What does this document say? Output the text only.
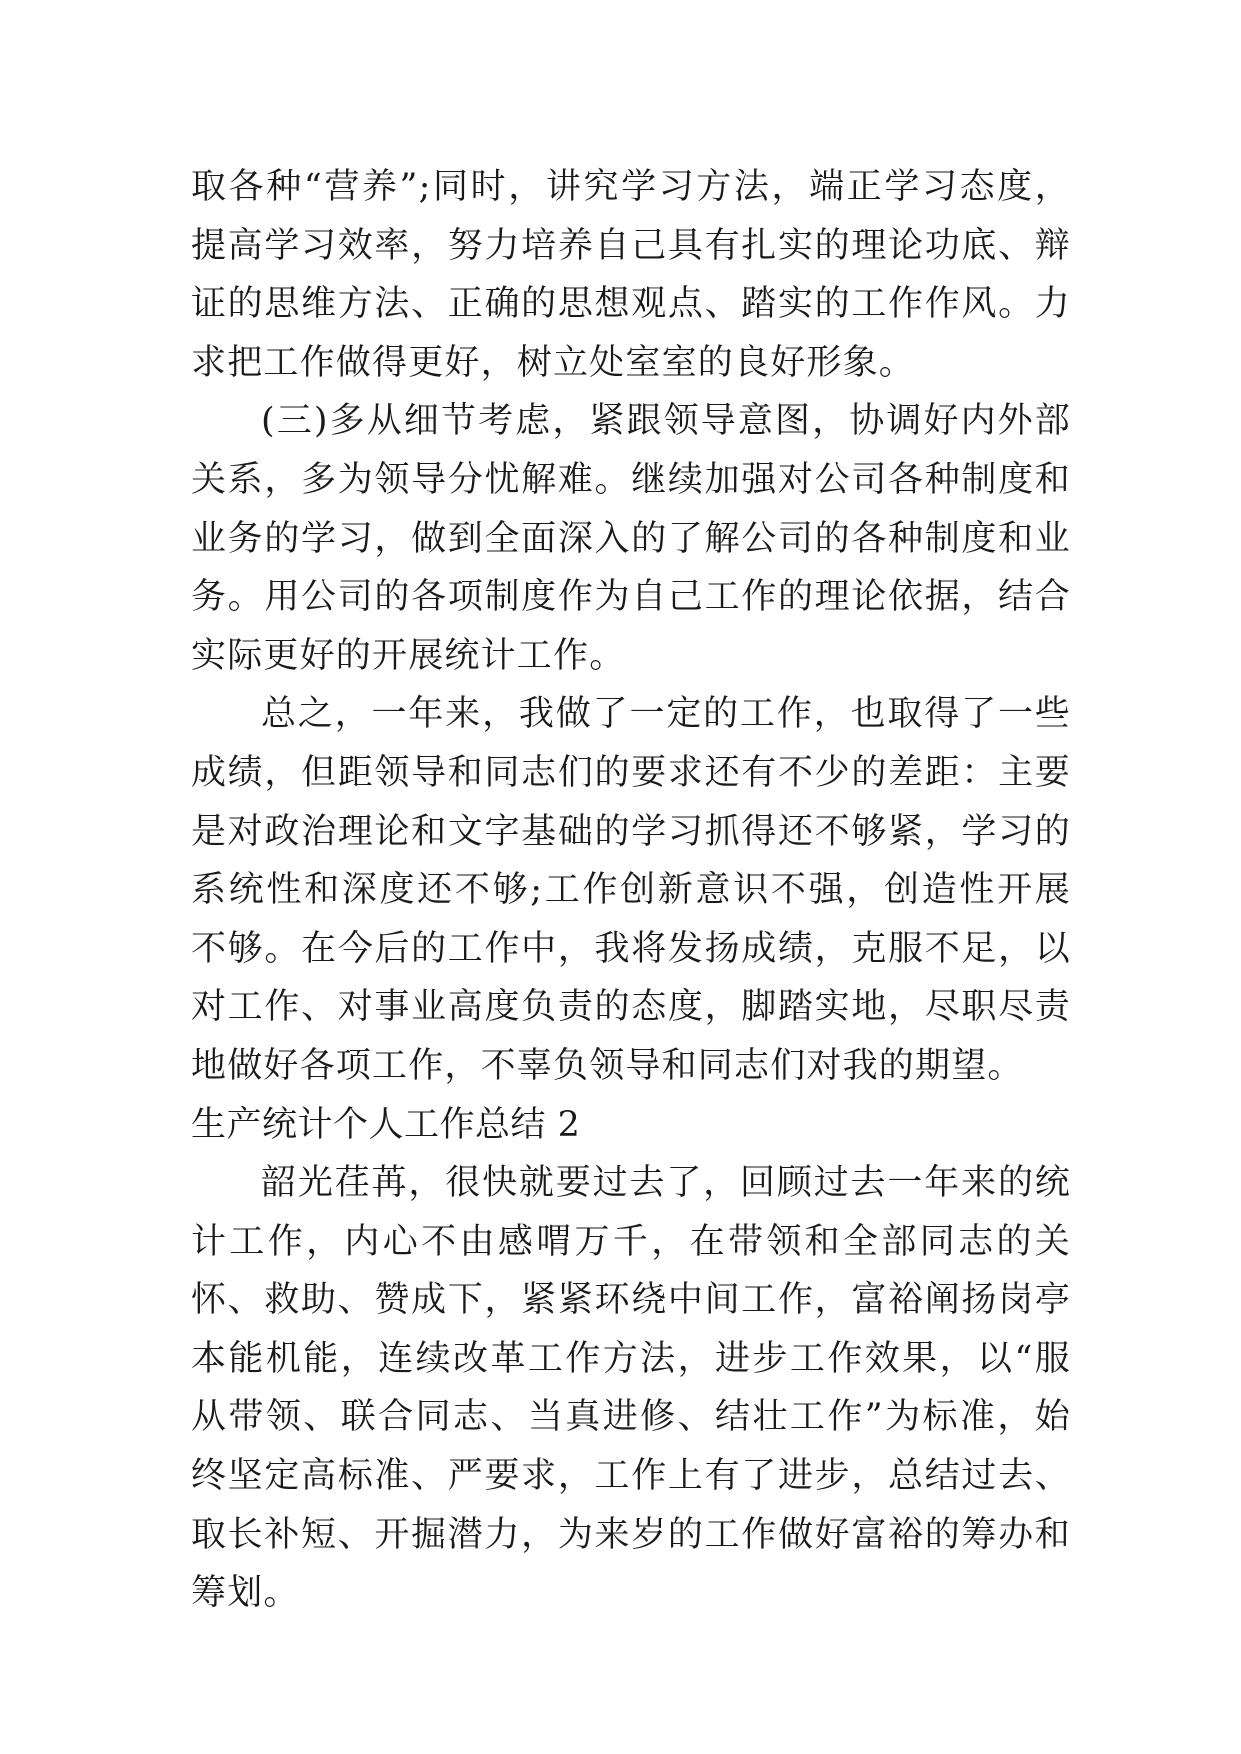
取各种“营养”;同时，讲究学习方法，端正学习态度，提高学习效率，努力培养自己具有扎实的理论功底、辩证的思维方法、正确的思想观点、踏实的工作作风。力求把工作做得更好，树立处室室的良好形象。

(三)多从细节考虑，紧跟领导意图，协调好内外部关系，多为领导分忧解难。继续加强对公司各种制度和业务的学习，做到全面深入的了解公司的各种制度和业务。用公司的各项制度作为自己工作的理论依据，结合实际更好的开展统计工作。

总之，一年来，我做了一定的工作，也取得了一些成绩，但距领导和同志们的要求还有不少的差距：主要是对政治理论和文字基础的学习抓得还不够紧，学习的系统性和深度还不够;工作创新意识不强，创造性开展不够。在今后的工作中，我将发扬成绩，克服不足，以对工作、对事业高度负责的态度，脚踏实地，尽职尽责地做好各项工作，不辜负领导和同志们对我的期望。

生产统计个人工作总结 2

韶光荏苒，很快就要过去了，回顾过去一年来的统计工作，内心不由感喟万千，在带领和全部同志的关怀、救助、赞成下，紧紧环绕中间工作，富裕阐扬岗亭本能机能，连续改革工作方法，进步工作效果，以“服从带领、联合同志、当真进修、结壮工作”为标准，始终坚定高标准、严要求，工作上有了进步，总结过去、取长补短、开掘潜力，为来岁的工作做好富裕的筹办和筹划。
